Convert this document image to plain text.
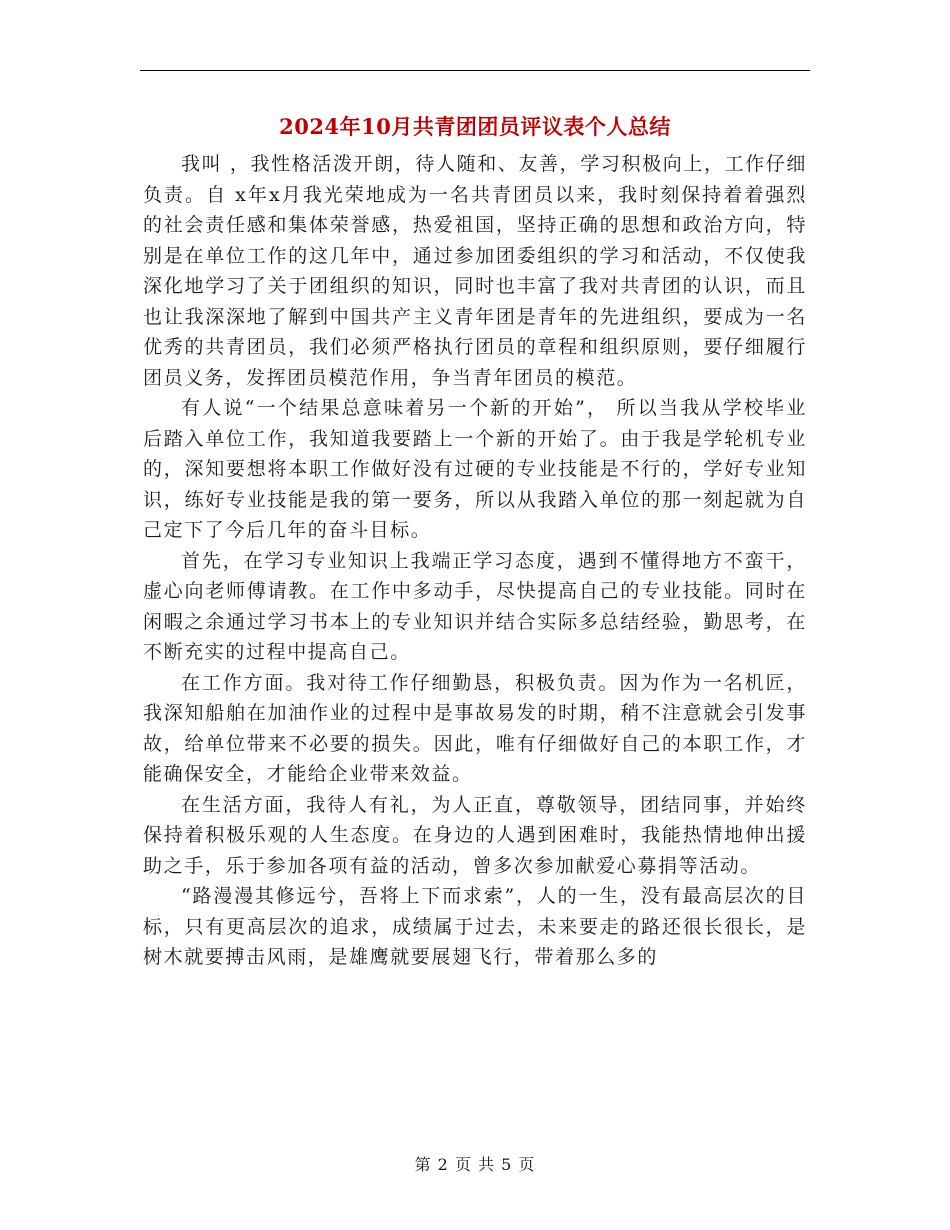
2024年10月共青团团员评议表个人总结

我叫 ，我性格活泼开朗，待人随和、友善，学习积极向上，工作仔细负责。自 x年x月我光荣地成为一名共青团员以来，我时刻保持着着强烈的社会责任感和集体荣誉感，热爱祖国，坚持正确的思想和政治方向，特别是在单位工作的这几年中，通过参加团委组织的学习和活动，不仅使我深化地学习了关于团组织的知识，同时也丰富了我对共青团的认识，而且也让我深深地了解到中国共产主义青年团是青年的先进组织，要成为一名优秀的共青团员，我们必须严格执行团员的章程和组织原则，要仔细履行团员义务，发挥团员模范作用，争当青年团员的模范。

有人说“一个结果总意味着另一个新的开始”， 所以当我从学校毕业后踏入单位工作，我知道我要踏上一个新的开始了。由于我是学轮机专业的，深知要想将本职工作做好没有过硬的专业技能是不行的，学好专业知识，练好专业技能是我的第一要务，所以从我踏入单位的那一刻起就为自己定下了今后几年的奋斗目标。

首先，在学习专业知识上我端正学习态度，遇到不懂得地方不蛮干，虚心向老师傅请教。在工作中多动手，尽快提高自己的专业技能。同时在闲暇之余通过学习书本上的专业知识并结合实际多总结经验，勤思考，在不断充实的过程中提高自己。

在工作方面。我对待工作仔细勤恳，积极负责。因为作为一名机匠，我深知船舶在加油作业的过程中是事故易发的时期，稍不注意就会引发事故，给单位带来不必要的损失。因此，唯有仔细做好自己的本职工作，才能确保安全，才能给企业带来效益。

在生活方面，我待人有礼，为人正直，尊敬领导，团结同事，并始终保持着积极乐观的人生态度。在身边的人遇到困难时，我能热情地伸出援助之手，乐于参加各项有益的活动，曾多次参加献爱心募捐等活动。

“路漫漫其修远兮，吾将上下而求索”，人的一生，没有最高层次的目标，只有更高层次的追求，成绩属于过去，未来要走的路还很长很长，是树木就要搏击风雨，是雄鹰就要展翅飞行，带着那么多的

第 2 页 共 5 页
